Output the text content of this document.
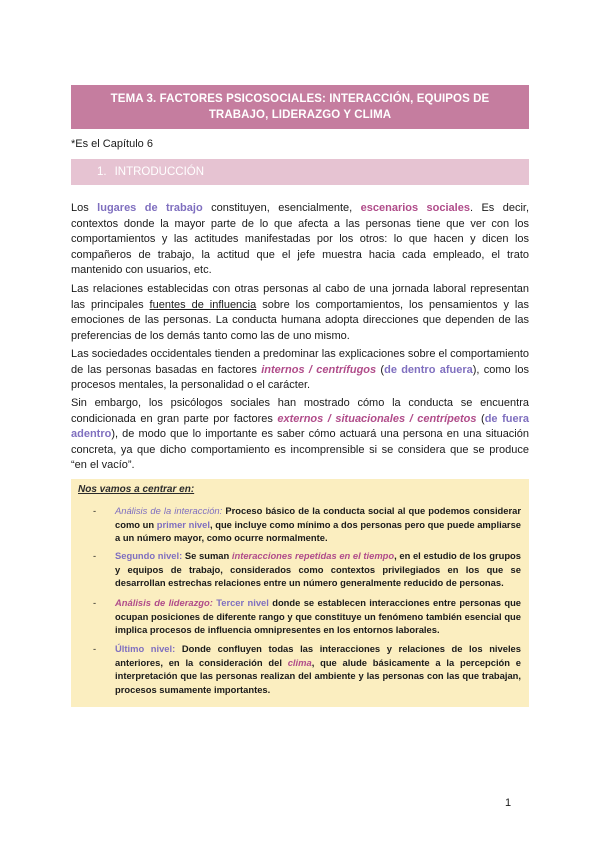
TEMA 3. FACTORES PSICOSOCIALES: INTERACCIÓN, EQUIPOS DE
TRABAJO, LIDERAZGO Y CLIMA
*Es el Capítulo 6
1. INTRODUCCIÓN

Los lugares de trabajo constituyen, esencialmente, escenarios sociales. Es decir, contextos donde la mayor parte de lo que afecta a las personas tiene que ver con los comportamientos y las actitudes manifestadas por los otros: lo que hacen y dicen los compañeros de trabajo, la actitud que el jefe muestra hacia cada empleado, el trato mantenido con usuarios, etc.

Las relaciones establecidas con otras personas al cabo de una jornada laboral representan las principales fuentes de influencia sobre los comportamientos, los pensamientos y las emociones de las personas. La conducta humana adopta direcciones que dependen de las preferencias de los demás tanto como las de uno mismo.

Las sociedades occidentales tienden a predominar las explicaciones sobre el comportamiento de las personas basadas en factores internos / centrífugos (de dentro afuera), como los procesos mentales, la personalidad o el carácter.

Sin embargo, los psicólogos sociales han mostrado cómo la conducta se encuentra condicionada en gran parte por factores externos / situacionales / centrípetos (de fuera adentro), de modo que lo importante es saber cómo actuará una persona en una situación concreta, ya que dicho comportamiento es incomprensible si se considera que se produce “en el vacío”.

Nos vamos a centrar en:
- Análisis de la interacción: Proceso básico de la conducta social al que podemos considerar como un primer nivel, que incluye como mínimo a dos personas pero que puede ampliarse a un número mayor, como ocurre normalmente.
- Segundo nivel: Se suman interacciones repetidas en el tiempo, en el estudio de los grupos y equipos de trabajo, considerados como contextos privilegiados en los que se desarrollan estrechas relaciones entre un número generalmente reducido de personas.
- Análisis de liderazgo: Tercer nivel donde se establecen interacciones entre personas que ocupan posiciones de diferente rango y que constituye un fenómeno también esencial que implica procesos de influencia omnipresentes en los entornos laborales.
- Último nivel: Donde confluyen todas las interacciones y relaciones de los niveles anteriores, en la consideración del clima, que alude básicamente a la percepción e interpretación que las personas realizan del ambiente y las personas con las que trabajan, procesos sumamente importantes.
1
